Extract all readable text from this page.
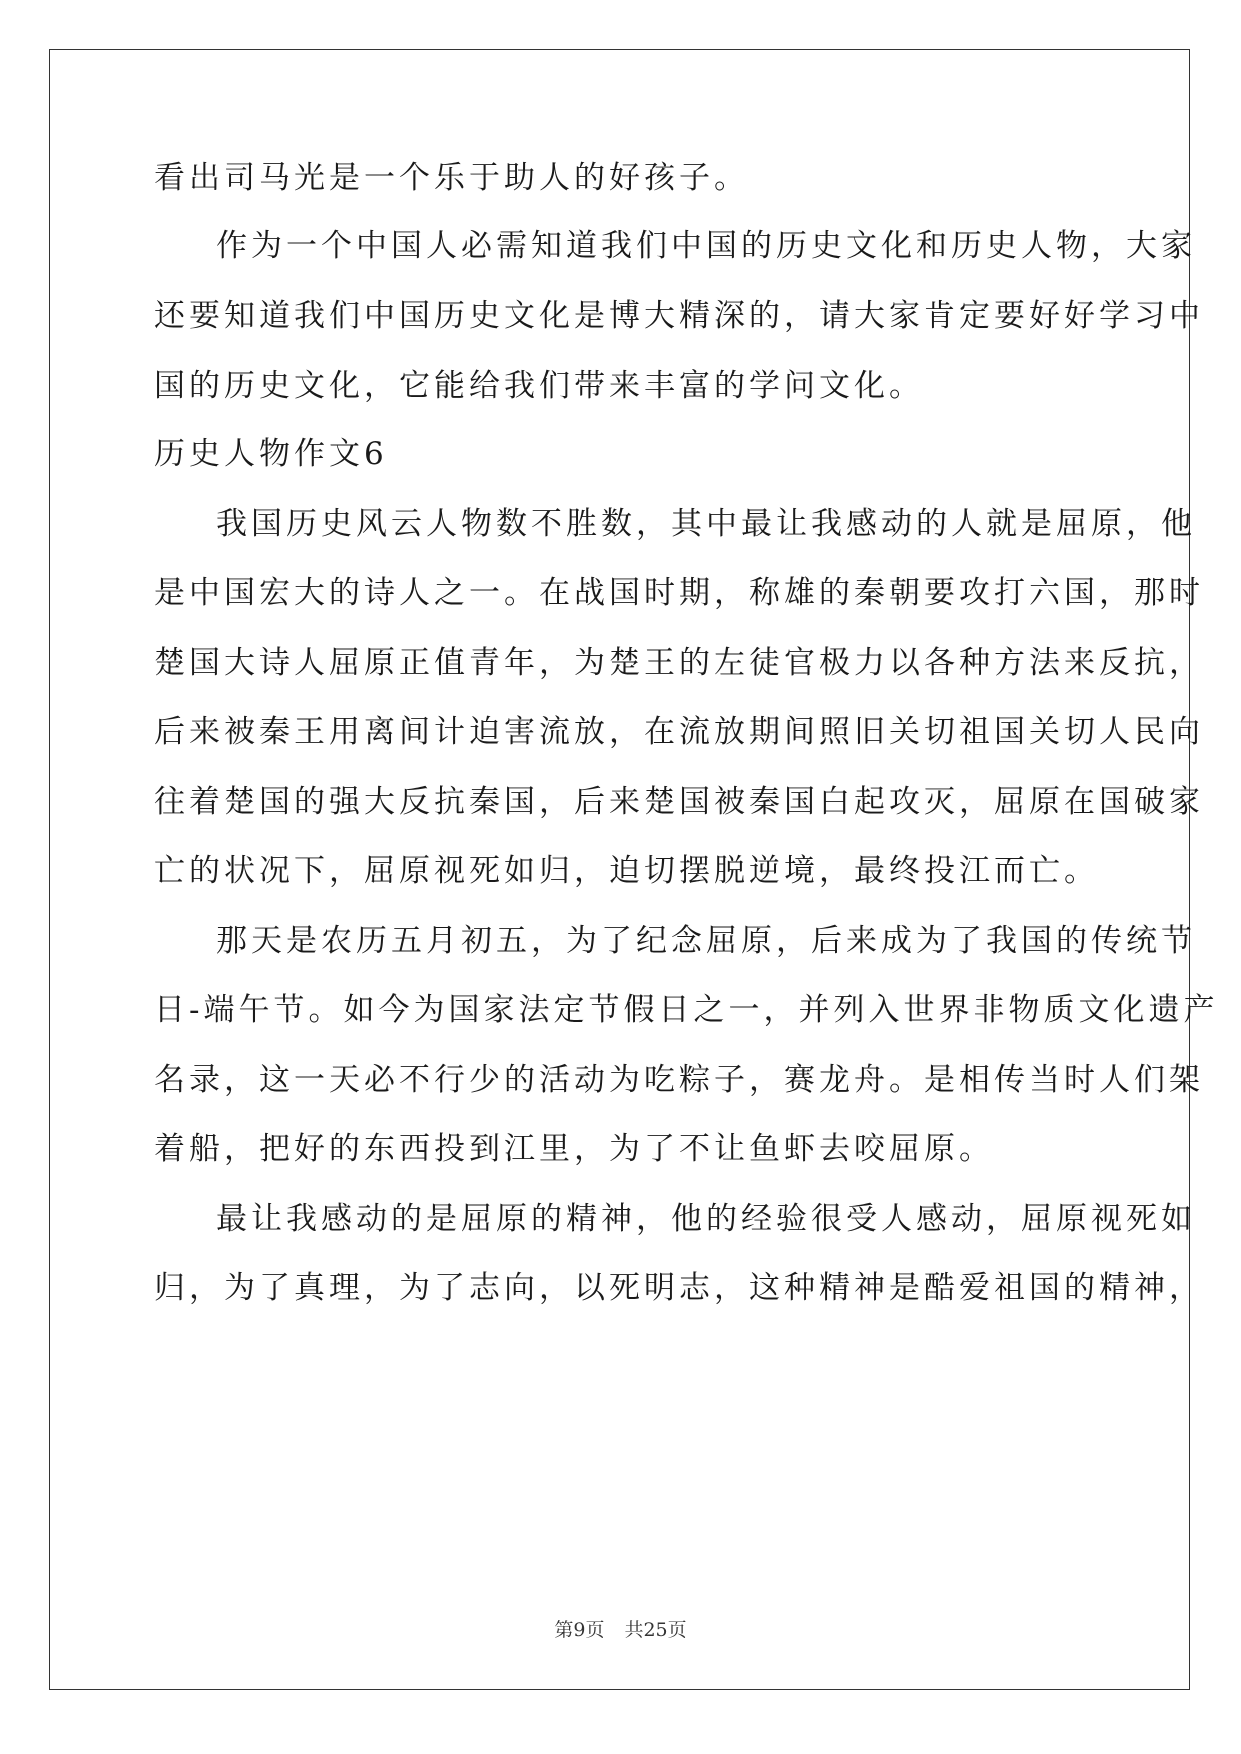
看出司马光是一个乐于助人的好孩子。
作为一个中国人必需知道我们中国的历史文化和历史人物，大家
还要知道我们中国历史文化是博大精深的，请大家肯定要好好学习中
国的历史文化，它能给我们带来丰富的学问文化。
历史人物作文6
我国历史风云人物数不胜数，其中最让我感动的人就是屈原，他
是中国宏大的诗人之一。在战国时期，称雄的秦朝要攻打六国，那时
楚国大诗人屈原正值青年，为楚王的左徒官极力以各种方法来反抗，
后来被秦王用离间计迫害流放，在流放期间照旧关切祖国关切人民向
往着楚国的强大反抗秦国，后来楚国被秦国白起攻灭，屈原在国破家
亡的状况下，屈原视死如归，迫切摆脱逆境，最终投江而亡。
那天是农历五月初五，为了纪念屈原，后来成为了我国的传统节
日-端午节。如今为国家法定节假日之一，并列入世界非物质文化遗产
名录，这一天必不行少的活动为吃粽子，赛龙舟。是相传当时人们架
着船，把好的东西投到江里，为了不让鱼虾去咬屈原。
最让我感动的是屈原的精神，他的经验很受人感动，屈原视死如
归，为了真理，为了志向，以死明志，这种精神是酷爱祖国的精神，
第9页 共25页
